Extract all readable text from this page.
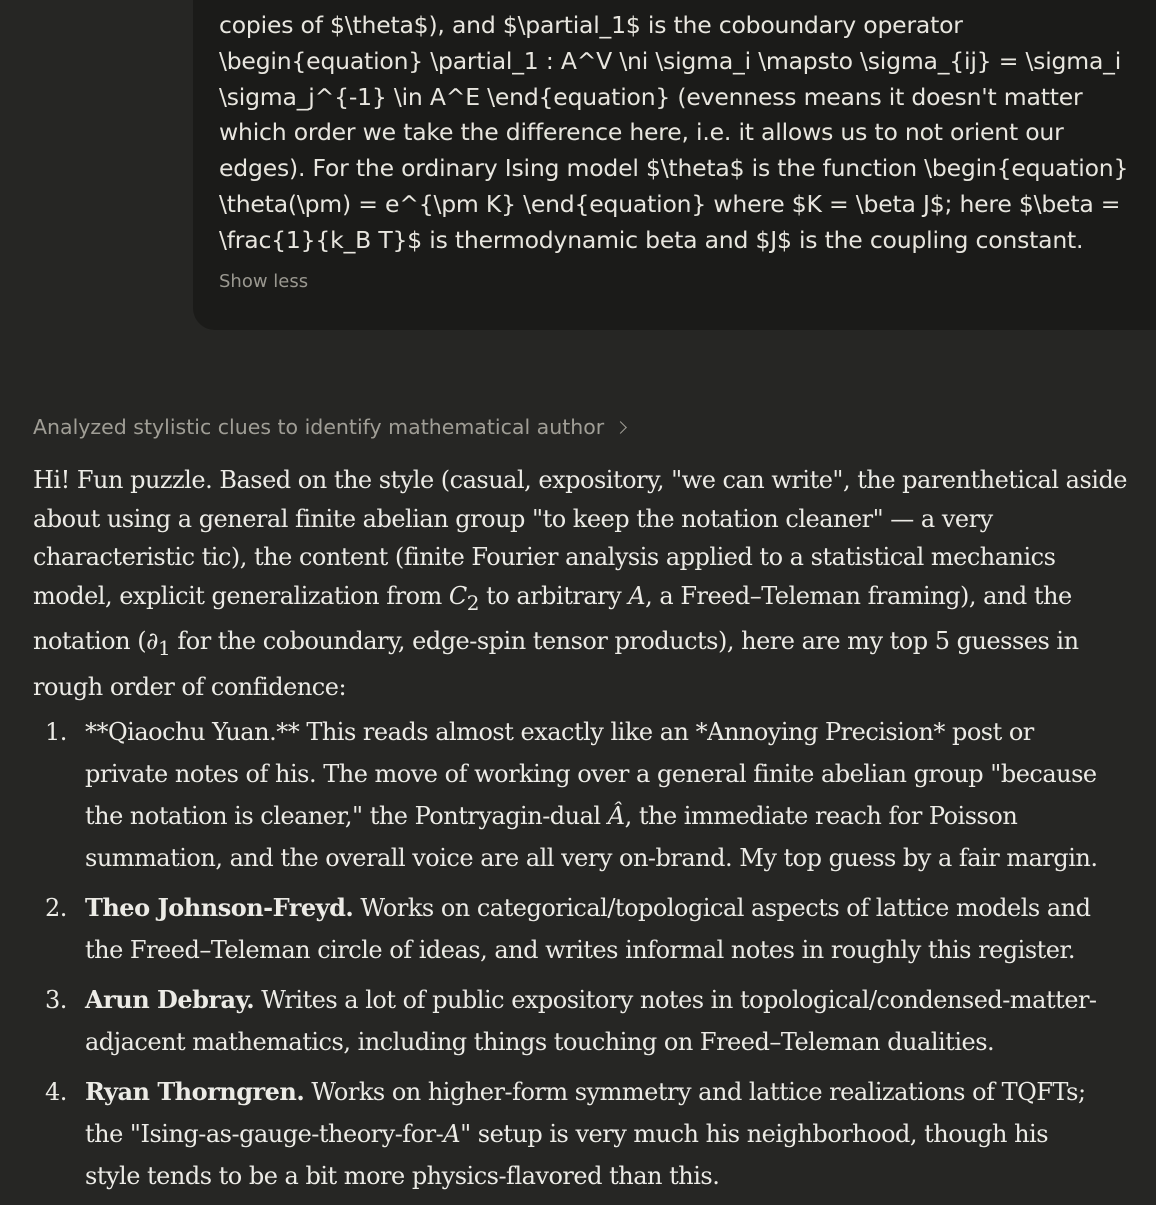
copies of $\theta$), and $\partial_1$ is the coboundary operator
\begin{equation} \partial_1 : A^V \ni \sigma_i \mapsto \sigma_{ij} = \sigma_i
\sigma_j^{-1} \in A^E \end{equation} (evenness means it doesn't matter
which order we take the difference here, i.e. it allows us to not orient our
edges). For the ordinary Ising model $\theta$ is the function \begin{equation}
\theta(\pm) = e^{\pm K} \end{equation} where $K = \beta J$; here $\beta =
\frac{1}{k_B T}$ is thermodynamic beta and $J$ is the coupling constant.
Show less
Analyzed stylistic clues to identify mathematical author
Hi! Fun puzzle. Based on the style (casual, expository, "we can write", the parenthetical aside
about using a general finite abelian group "to keep the notation cleaner" — a very
characteristic tic), the content (finite Fourier analysis applied to a statistical mechanics
model, explicit generalization from $C_2$ to arbitrary A, a Freed–Teleman framing), and the
notation ($\partial_1$ for the coboundary, edge-spin tensor products), here are my top 5 guesses in
rough order of confidence:
1. **Qiaochu Yuan.** This reads almost exactly like an *Annoying Precision* post or
private notes of his. The move of working over a general finite abelian group "because
the notation is cleaner," the Pontryagin-dual Â, the immediate reach for Poisson
summation, and the overall voice are all very on-brand. My top guess by a fair margin.
2. Theo Johnson-Freyd. Works on categorical/topological aspects of lattice models and
the Freed–Teleman circle of ideas, and writes informal notes in roughly this register.
3. Arun Debray. Writes a lot of public expository notes in topological/condensed-matter-
adjacent mathematics, including things touching on Freed–Teleman dualities.
4. Ryan Thorngren. Works on higher-form symmetry and lattice realizations of TQFTs;
the "Ising-as-gauge-theory-for-A" setup is very much his neighborhood, though his
style tends to be a bit more physics-flavored than this.
